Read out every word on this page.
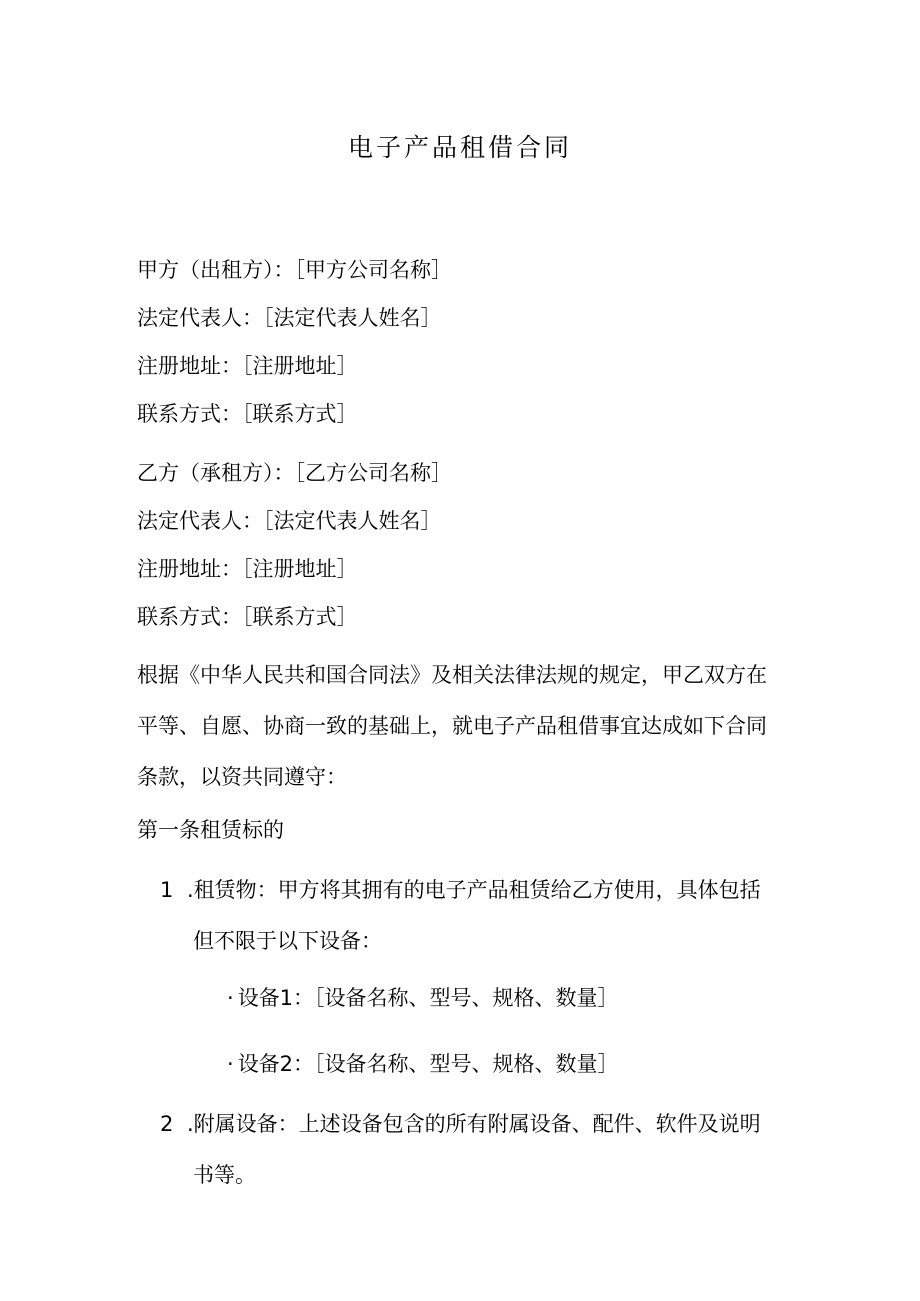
电子产品租借合同
甲方（出租方）：［甲方公司名称］
法定代表人：［法定代表人姓名］
注册地址：［注册地址］
联系方式：［联系方式］
乙方（承租方）：［乙方公司名称］
法定代表人：［法定代表人姓名］
注册地址：［注册地址］
联系方式：［联系方式］
根据《中华人民共和国合同法》及相关法律法规的规定，甲乙双方在
平等、自愿、协商一致的基础上，就电子产品租借事宜达成如下合同
条款，以资共同遵守：
第一条租赁标的
1 .租赁物：甲方将其拥有的电子产品租赁给乙方使用，具体包括
但不限于以下设备：
· 设备1：［设备名称、型号、规格、数量］
· 设备2：［设备名称、型号、规格、数量］
2 .附属设备：上述设备包含的所有附属设备、配件、软件及说明
书等。
